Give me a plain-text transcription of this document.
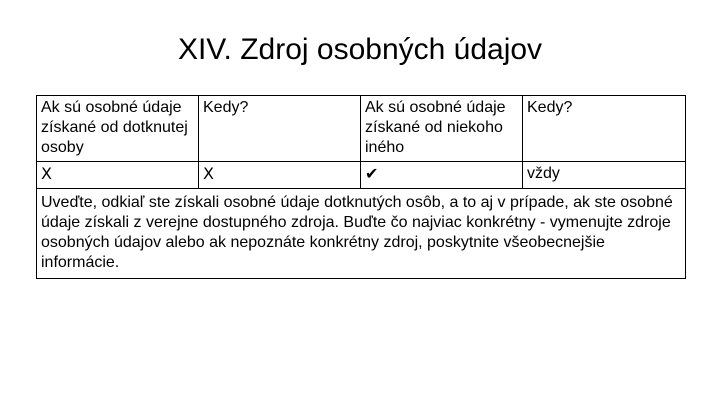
XIV. Zdroj osobných údajov
Ak sú osobné údaje získané od dotknutej osoby	Kedy?	Ak sú osobné údaje získané od niekoho iného	Kedy?
X	X	✔	vždy
Uveďte, odkiaľ ste získali osobné údaje dotknutých osôb, a to aj v prípade, ak ste osobné údaje získali z verejne dostupného zdroja. Buďte čo najviac konkrétny - vymenujte zdroje osobných údajov alebo ak nepoznáte konkrétny zdroj, poskytnite všeobecnejšie informácie.			
